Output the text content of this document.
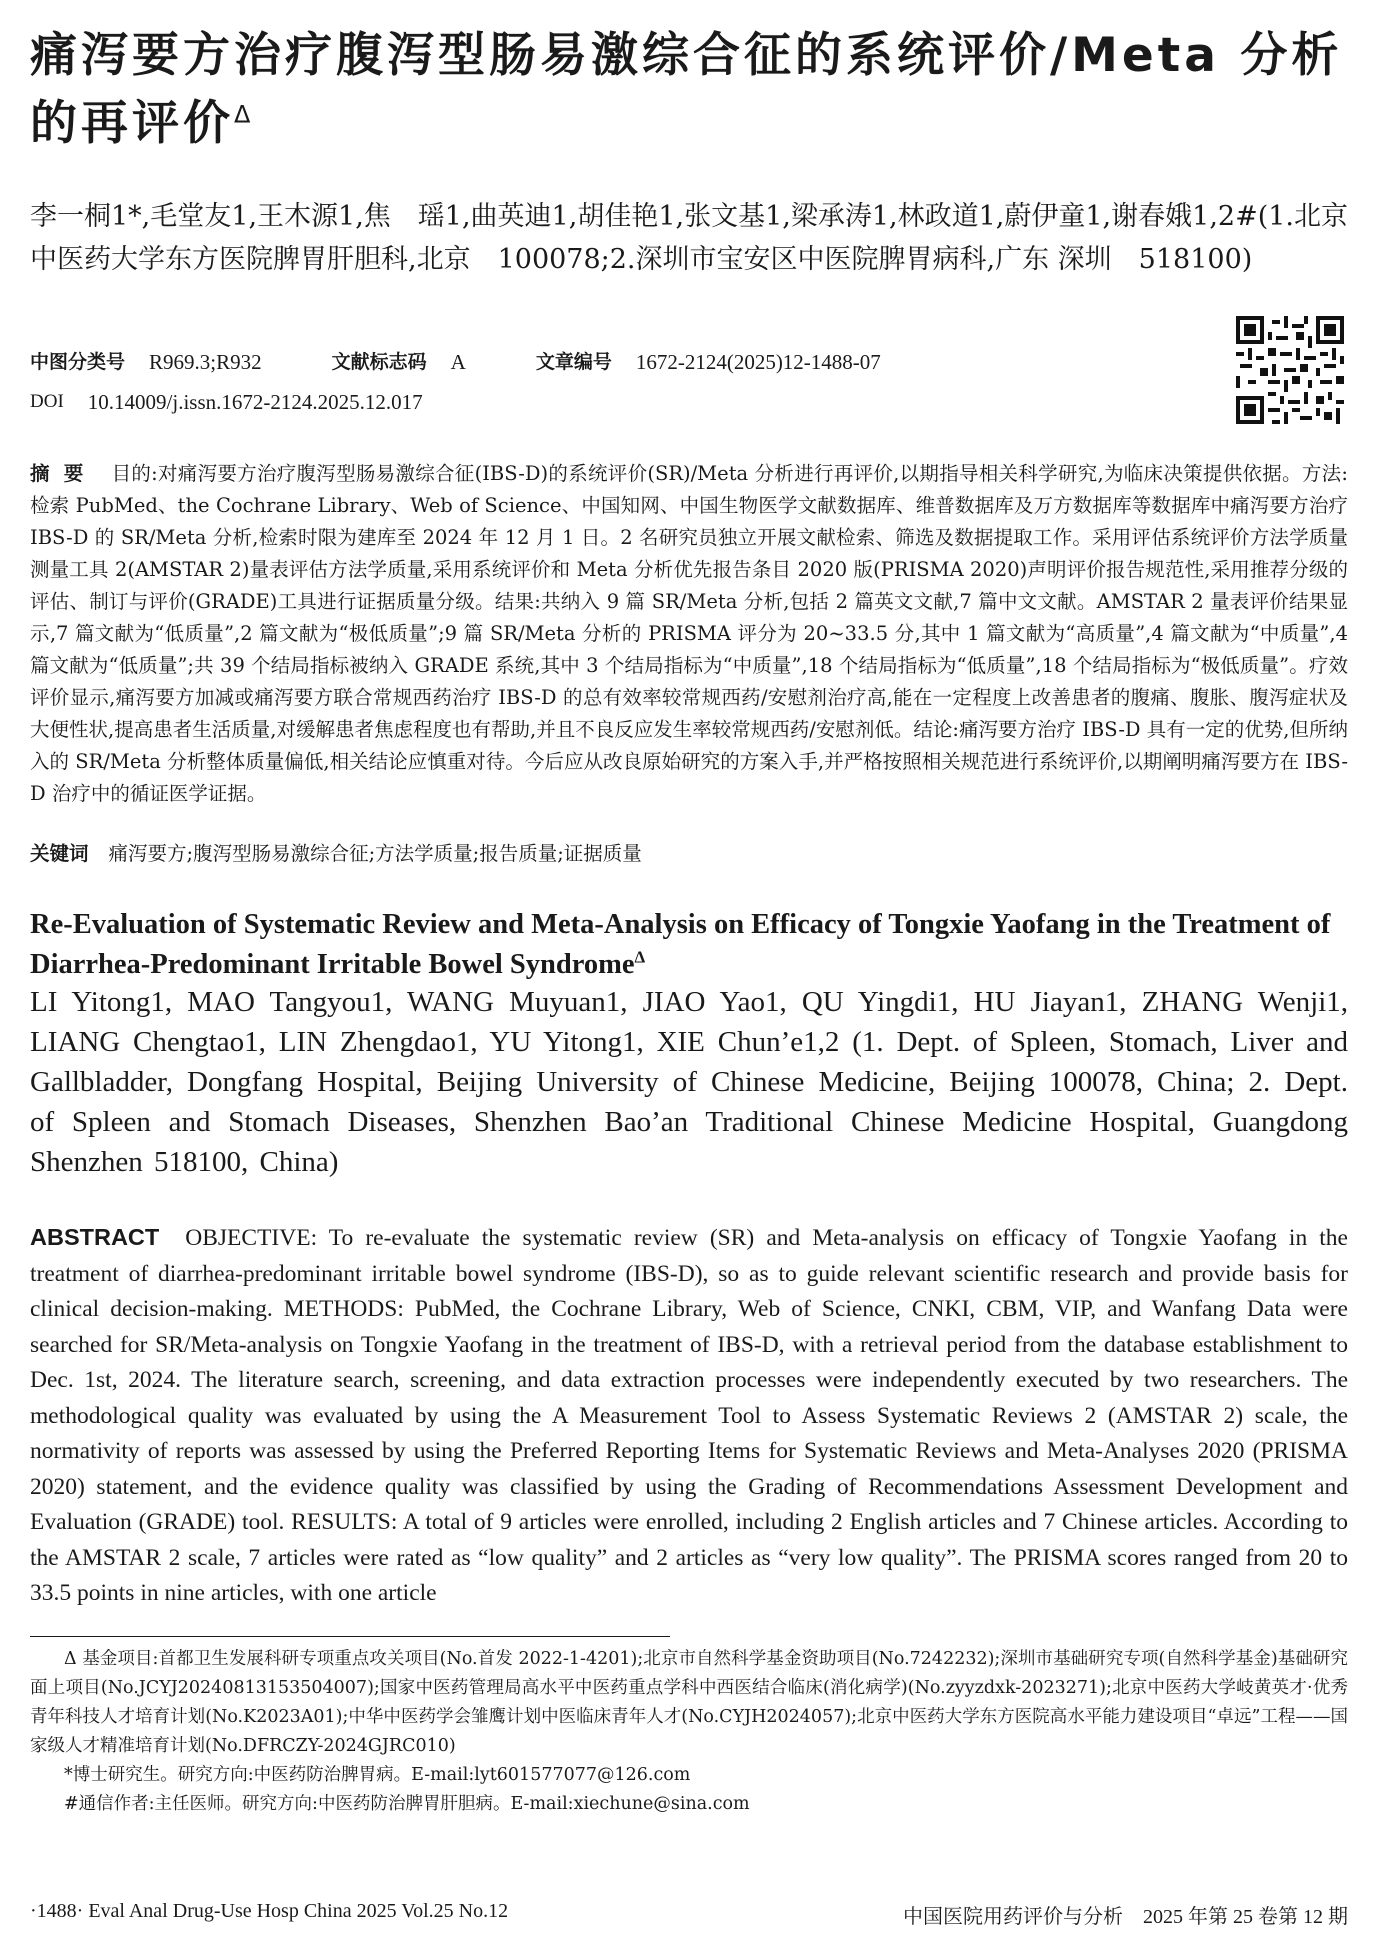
痛泻要方治疗腹泻型肠易激综合征的系统评价/Meta 分析的再评价$^\Delta$
李一桐1*,毛堂友1,王木源1,焦　瑶1,曲英迪1,胡佳艳1,张文基1,梁承涛1,林政道1,蔚伊童1,谢春娥1,2#(1.北京中医药大学东方医院脾胃肝胆科,北京　100078;2.深圳市宝安区中医院脾胃病科,广东 深圳　518100)
中图分类号 R969.3;R932	文献标志码 A	文章编号 1672-2124(2025)12-1488-07
DOI 10.14009/j.issn.1672-2124.2025.12.017

摘要 目的:对痛泻要方治疗腹泻型肠易激综合征(IBS-D)的系统评价(SR)/Meta 分析进行再评价,以期指导相关科学研究,为临床决策提供依据。方法:检索 PubMed、the Cochrane Library、Web of Science、中国知网、中国生物医学文献数据库、维普数据库及万方数据库等数据库中痛泻要方治疗 IBS-D 的 SR/Meta 分析,检索时限为建库至 2024 年 12 月 1 日。2 名研究员独立开展文献检索、筛选及数据提取工作。采用评估系统评价方法学质量测量工具 2(AMSTAR 2)量表评估方法学质量,采用系统评价和 Meta 分析优先报告条目 2020 版(PRISMA 2020)声明评价报告规范性,采用推荐分级的评估、制订与评价(GRADE)工具进行证据质量分级。结果:共纳入 9 篇 SR/Meta 分析,包括 2 篇英文文献,7 篇中文文献。AMSTAR 2 量表评价结果显示,7 篇文献为“低质量”,2 篇文献为“极低质量”;9 篇 SR/Meta 分析的 PRISMA 评分为 20~33.5 分,其中 1 篇文献为“高质量”,4 篇文献为“中质量”,4 篇文献为“低质量”;共 39 个结局指标被纳入 GRADE 系统,其中 3 个结局指标为“中质量”,18 个结局指标为“低质量”,18 个结局指标为“极低质量”。疗效评价显示,痛泻要方加减或痛泻要方联合常规西药治疗 IBS-D 的总有效率较常规西药/安慰剂治疗高,能在一定程度上改善患者的腹痛、腹胀、腹泻症状及大便性状,提高患者生活质量,对缓解患者焦虑程度也有帮助,并且不良反应发生率较常规西药/安慰剂低。结论:痛泻要方治疗 IBS-D 具有一定的优势,但所纳入的 SR/Meta 分析整体质量偏低,相关结论应慎重对待。今后应从改良原始研究的方案入手,并严格按照相关规范进行系统评价,以期阐明痛泻要方在 IBS-D 治疗中的循证医学证据。

关键词 痛泻要方;腹泻型肠易激综合征;方法学质量;报告质量;证据质量
Re-Evaluation of Systematic Review and Meta-Analysis on Efficacy of Tongxie Yaofang in the Treatment of Diarrhea-Predominant Irritable Bowel Syndrome$^\Delta$
LI Yitong1, MAO Tangyou1, WANG Muyuan1, JIAO Yao1, QU Yingdi1, HU Jiayan1, ZHANG Wenji1, LIANG Chengtao1, LIN Zhengdao1, YU Yitong1, XIE Chun’e1,2 (1. Dept. of Spleen, Stomach, Liver and Gallbladder, Dongfang Hospital, Beijing University of Chinese Medicine, Beijing 100078, China; 2. Dept. of Spleen and Stomach Diseases, Shenzhen Bao’an Traditional Chinese Medicine Hospital, Guangdong Shenzhen 518100, China)

ABSTRACT OBJECTIVE: To re-evaluate the systematic review (SR) and Meta-analysis on efficacy of Tongxie Yaofang in the treatment of diarrhea-predominant irritable bowel syndrome (IBS-D), so as to guide relevant scientific research and provide basis for clinical decision-making. METHODS: PubMed, the Cochrane Library, Web of Science, CNKI, CBM, VIP, and Wanfang Data were searched for SR/Meta-analysis on Tongxie Yaofang in the treatment of IBS-D, with a retrieval period from the database establishment to Dec. 1st, 2024. The literature search, screening, and data extraction processes were independently executed by two researchers. The methodological quality was evaluated by using the A Measurement Tool to Assess Systematic Reviews 2 (AMSTAR 2) scale, the normativity of reports was assessed by using the Preferred Reporting Items for Systematic Reviews and Meta-Analyses 2020 (PRISMA 2020) statement, and the evidence quality was classified by using the Grading of Recommendations Assessment Development and Evaluation (GRADE) tool. RESULTS: A total of 9 articles were enrolled, including 2 English articles and 7 Chinese articles. According to the AMSTAR 2 scale, 7 articles were rated as “low quality” and 2 articles as “very low quality”. The PRISMA scores ranged from 20 to 33.5 points in nine articles, with one article

Δ 基金项目:首都卫生发展科研专项重点攻关项目(No.首发 2022-1-4201);北京市自然科学基金资助项目(No.7242232);深圳市基础研究专项(自然科学基金)基础研究面上项目(No.JCYJ20240813153504007);国家中医药管理局高水平中医药重点学科中西医结合临床(消化病学)(No.zyyzdxk-2023271);北京中医药大学岐黄英才·优秀青年科技人才培育计划(No.K2023A01);中华中医药学会雏鹰计划中医临床青年人才(No.CYJH2024057);北京中医药大学东方医院高水平能力建设项目“卓远”工程——国家级人才精准培育计划(No.DFRCZY-2024GJRC010)

*博士研究生。研究方向:中医药防治脾胃病。E-mail:lyt601577077@126.com

#通信作者:主任医师。研究方向:中医药防治脾胃肝胆病。E-mail:xiechune@sina.com

·1488· Eval Anal Drug-Use Hosp China 2025 Vol.25 No.12	中国医院用药评价与分析　2025 年第 25 卷第 12 期
